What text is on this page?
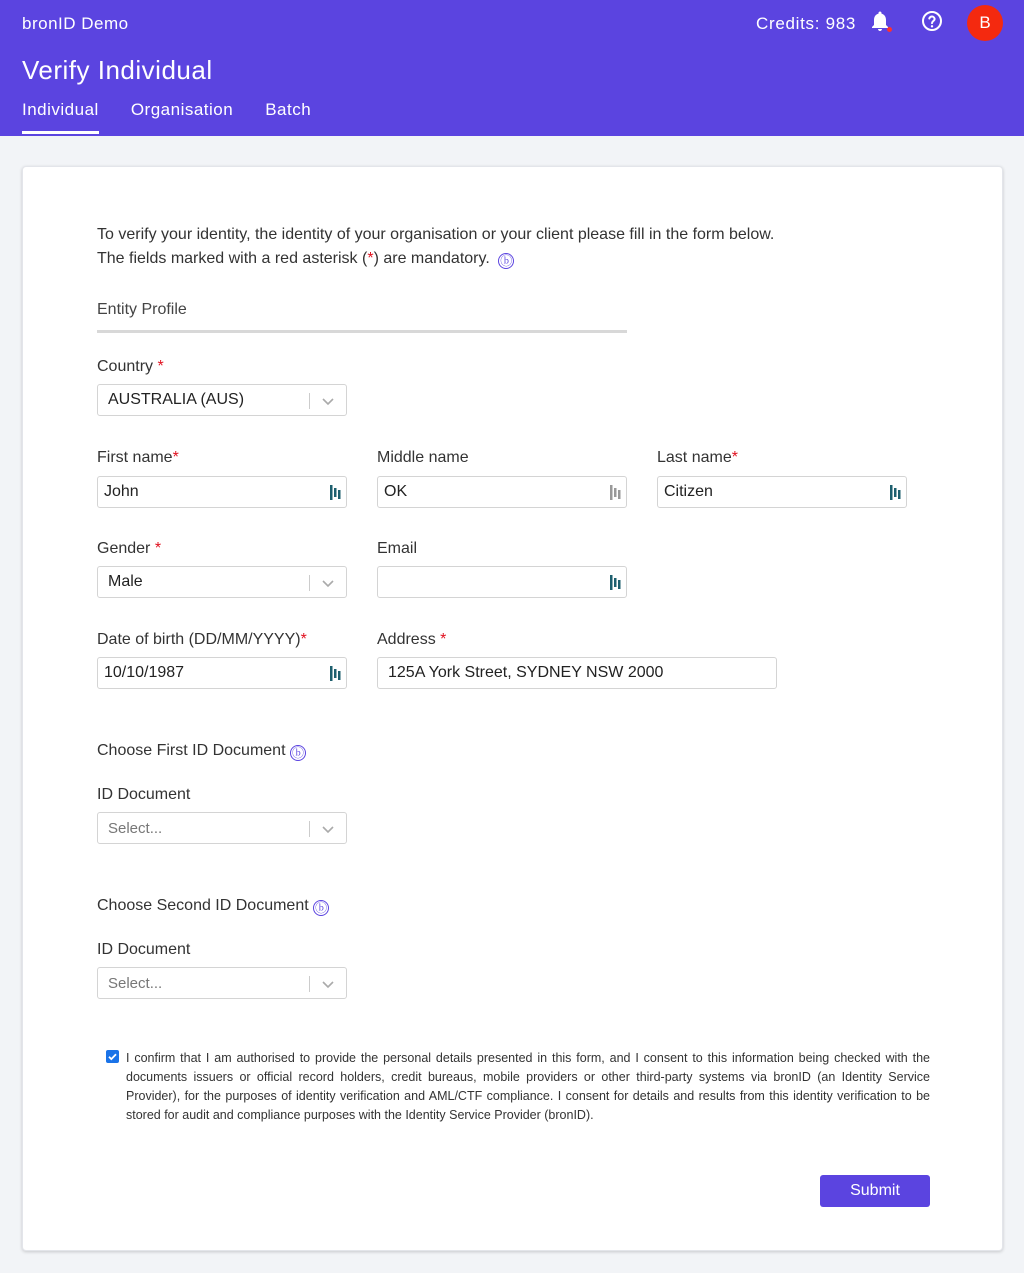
bronID Demo
Verify Individual
Individual Organisation Batch
Credits: 983	B
To verify your identity, the identity of your organisation or your client please fill in the form below.
The fields marked with a red asterisk (*) are mandatory. ⓑ
Entity Profile
Country *
AUSTRALIA (AUS)
First name*
John
Middle name
OK
Last name*
Citizen
Gender *
Male
Email
Date of birth (DD/MM/YYYY)*
10/10/1987
Address *
125A York Street, SYDNEY NSW 2000
Choose First ID Document ⓑ
ID Document
Select...
Choose Second ID Document ⓑ
ID Document
Select...
I confirm that I am authorised to provide the personal details presented in this form, and I consent to this information being checked with the documents issuers or official record holders, credit bureaus, mobile providers or other third-party systems via bronID (an Identity Service Provider), for the purposes of identity verification and AML/CTF compliance. I consent for details and results from this identity verification to be stored for audit and compliance purposes with the Identity Service Provider (bronID).
Submit
